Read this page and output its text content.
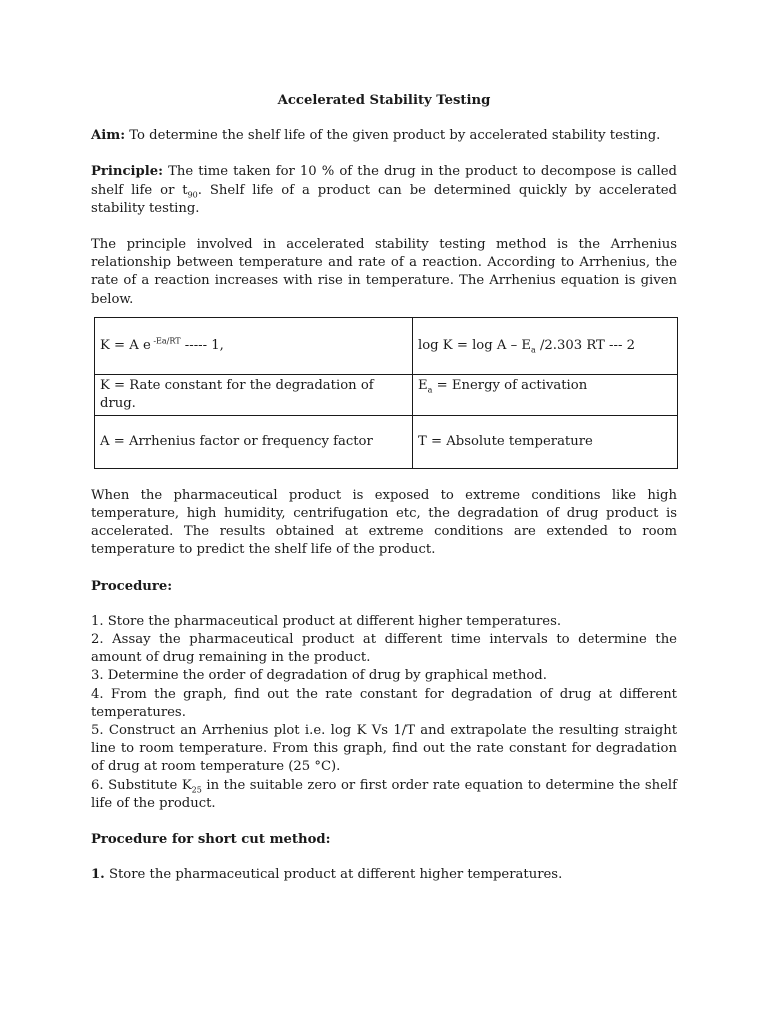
Accelerated Stability Testing

Aim: To determine the shelf life of the given product by accelerated stability testing.

Principle: The time taken for 10 % of the drug in the product to decompose is called shelf life or $t_{90}$. Shelf life of a product can be determined quickly by accelerated stability testing.

The principle involved in accelerated stability testing method is the Arrhenius relationship between temperature and rate of a reaction. According to Arrhenius, the rate of a reaction increases with rise in temperature. The Arrhenius equation is given below.

K = A e $^{-Ea/RT}$ ----- 1,	$\log K = \log A - E_a$ /2.303 RT --- 2
K = Rate constant for the degradation of drug.	$E_a$ = Energy of activation
A = Arrhenius factor or frequency factor	T = Absolute temperature

When the pharmaceutical product is exposed to extreme conditions like high temperature, high humidity, centrifugation etc, the degradation of drug product is accelerated. The results obtained at extreme conditions are extended to room temperature to predict the shelf life of the product.

Procedure:

1. Store the pharmaceutical product at different higher temperatures.

2. Assay the pharmaceutical product at different time intervals to determine the amount of drug remaining in the product.

3. Determine the order of degradation of drug by graphical method.

4. From the graph, find out the rate constant for degradation of drug at different temperatures.

5. Construct an Arrhenius plot i.e. log K Vs 1/T and extrapolate the resulting straight line to room temperature. From this graph, find out the rate constant for degradation of drug at room temperature (25 °C).

6. Substitute $K_{25}$ in the suitable zero or first order rate equation to determine the shelf life of the product.

Procedure for short cut method:

1. Store the pharmaceutical product at different higher temperatures.
